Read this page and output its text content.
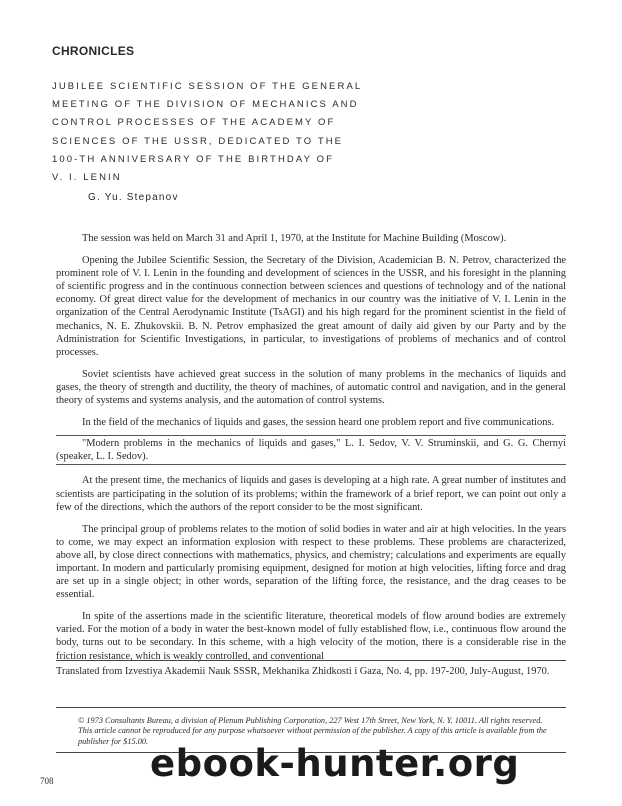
CHRONICLES
JUBILEE SCIENTIFIC SESSION OF THE GENERAL
MEETING OF THE DIVISION OF MECHANICS AND
CONTROL PROCESSES OF THE ACADEMY OF
SCIENCES OF THE USSR, DEDICATED TO THE
100-TH ANNIVERSARY OF THE BIRTHDAY OF
V. I. LENIN
G. Yu. Stepanov

The session was held on March 31 and April 1, 1970, at the Institute for Machine Building (Moscow).

Opening the Jubilee Scientific Session, the Secretary of the Division, Academician B. N. Petrov, characterized the prominent role of V. I. Lenin in the founding and development of sciences in the USSR, and his foresight in the planning of scientific progress and in the continuous connection between sciences and questions of technology and of the national economy. Of great direct value for the development of mechanics in our country was the initiative of V. I. Lenin in the organization of the Central Aerodynamic Institute (TsAGI) and his high regard for the prominent scientist in the field of mechanics, N. E. Zhukovskii. B. N. Petrov emphasized the great amount of daily aid given by our Party and by the Administration for Scientific Investigations, in particular, to investigations of problems of mechanics and of control processes.

Soviet scientists have achieved great success in the solution of many problems in the mechanics of liquids and gases, the theory of strength and ductility, the theory of machines, of automatic control and navigation, and in the general theory of systems and systems analysis, and the automation of control systems.

In the field of the mechanics of liquids and gases, the session heard one problem report and five communications.

"Modern problems in the mechanics of liquids and gases," L. I. Sedov, V. V. Struminskii, and G. G. Chernyi (speaker, L. I. Sedov).

At the present time, the mechanics of liquids and gases is developing at a high rate. A great number of institutes and scientists are participating in the solution of its problems; within the framework of a brief report, we can point out only a few of the directions, which the authors of the report consider to be the most significant.

The principal group of problems relates to the motion of solid bodies in water and air at high velocities. In the years to come, we may expect an information explosion with respect to these problems. These problems are characterized, above all, by close direct connections with mathematics, physics, and chemistry; calculations and experiments are equally important. In modern and particularly promising equipment, designed for motion at high velocities, lifting force and drag are set up in a single object; in other words, separation of the lifting force, the resistance, and the drag ceases to be essential.

In spite of the assertions made in the scientific literature, theoretical models of flow around bodies are extremely varied. For the motion of a body in water the best-known model of fully established flow, i.e., continuous flow around the body, turns out to be secondary. In this scheme, with a high velocity of the motion, there is a considerable rise in the friction resistance, which is weakly controlled, and conventional

Translated from Izvestiya Akademii Nauk SSSR, Mekhanika Zhidkosti i Gaza, No. 4, pp. 197-200, July-August, 1970.
© 1973 Consultants Bureau, a division of Plenum Publishing Corporation, 227 West 17th Street, New York, N. Y. 10011. All rights reserved. This article cannot be reproduced for any purpose whatsoever without permission of the publisher. A copy of this article is available from the publisher for $15.00.
708	ebook-hunter.org
